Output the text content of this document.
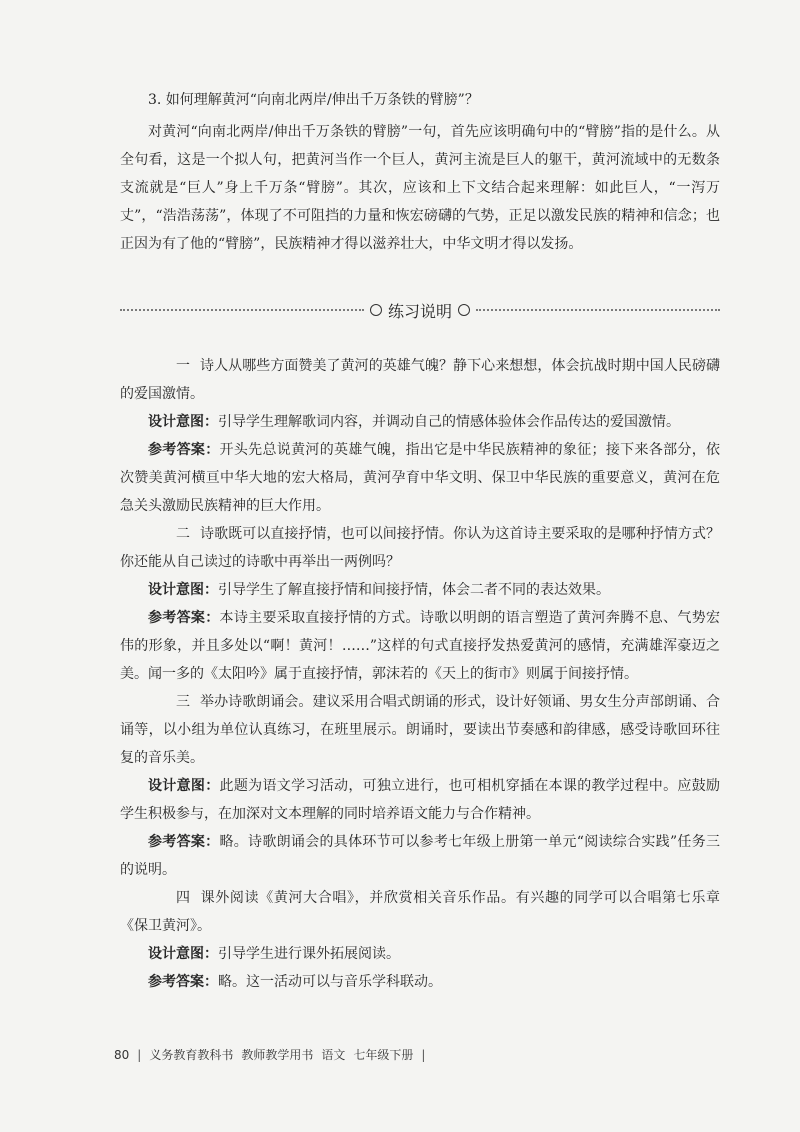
3. 如何理解黄河“向南北两岸/伸出千万条铁的臂膀”？

对黄河“向南北两岸/伸出千万条铁的臂膀”一句，首先应该明确句中的“臂膀”指的是什么。从全句看，这是一个拟人句，把黄河当作一个巨人，黄河主流是巨人的躯干，黄河流域中的无数条支流就是“巨人”身上千万条“臂膀”。其次，应该和上下文结合起来理解：如此巨人，“一泻万丈”，“浩浩荡荡”，体现了不可阻挡的力量和恢宏磅礴的气势，正足以激发民族的精神和信念；也正因为有了他的“臂膀”，民族精神才得以滋养壮大，中华文明才得以发扬。

练习说明

一 诗人从哪些方面赞美了黄河的英雄气魄？静下心来想想，体会抗战时期中国人民磅礴的爱国激情。

设计意图：引导学生理解歌词内容，并调动自己的情感体验体会作品传达的爱国激情。

参考答案：开头先总说黄河的英雄气魄，指出它是中华民族精神的象征；接下来各部分，依次赞美黄河横亘中华大地的宏大格局，黄河孕育中华文明、保卫中华民族的重要意义，黄河在危急关头激励民族精神的巨大作用。

二 诗歌既可以直接抒情，也可以间接抒情。你认为这首诗主要采取的是哪种抒情方式？你还能从自己读过的诗歌中再举出一两例吗？

设计意图：引导学生了解直接抒情和间接抒情，体会二者不同的表达效果。

参考答案：本诗主要采取直接抒情的方式。诗歌以明朗的语言塑造了黄河奔腾不息、气势宏伟的形象，并且多处以“啊！黄河！……”这样的句式直接抒发热爱黄河的感情，充满雄浑豪迈之美。闻一多的《太阳吟》属于直接抒情，郭沫若的《天上的街市》则属于间接抒情。

三 举办诗歌朗诵会。建议采用合唱式朗诵的形式，设计好领诵、男女生分声部朗诵、合诵等，以小组为单位认真练习，在班里展示。朗诵时，要读出节奏感和韵律感，感受诗歌回环往复的音乐美。

设计意图：此题为语文学习活动，可独立进行，也可相机穿插在本课的教学过程中。应鼓励学生积极参与，在加深对文本理解的同时培养语文能力与合作精神。

参考答案：略。诗歌朗诵会的具体环节可以参考七年级上册第一单元“阅读综合实践”任务三的说明。

四 课外阅读《黄河大合唱》，并欣赏相关音乐作品。有兴趣的同学可以合唱第七乐章《保卫黄河》。

设计意图：引导学生进行课外拓展阅读。

参考答案：略。这一活动可以与音乐学科联动。

80 | 义务教育教科书 教师教学用书 语文 七年级下册 |
